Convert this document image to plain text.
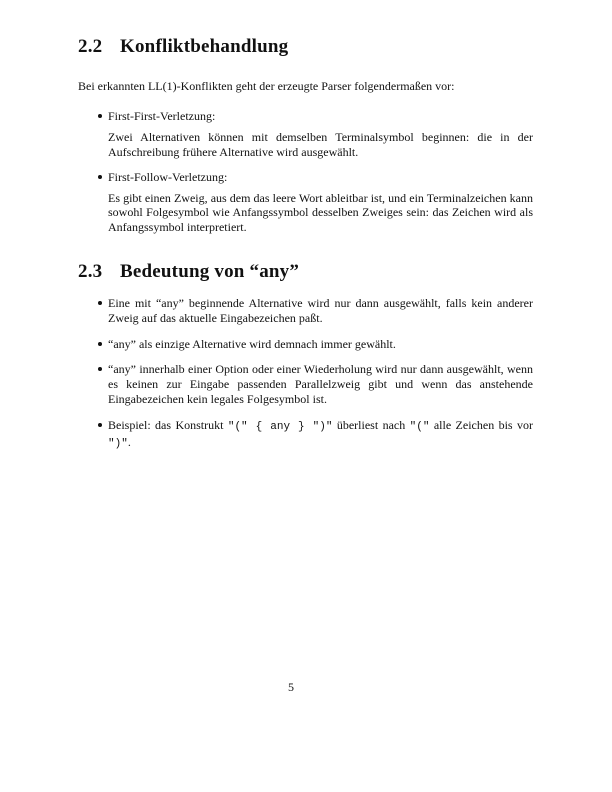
2.2 Konfliktbehandlung

Bei erkannten LL(1)-Konflikten geht der erzeugte Parser folgendermaßen vor:

First-First-Verletzung:

Zwei Alternativen können mit demselben Terminalsymbol beginnen: die in der Aufschreibung frühere Alternative wird ausgewählt.

First-Follow-Verletzung:

Es gibt einen Zweig, aus dem das leere Wort ableitbar ist, und ein Terminalzeichen kann sowohl Folgesymbol wie Anfangssymbol desselben Zweiges sein: das Zeichen wird als Anfangssymbol interpretiert.

2.3 Bedeutung von “any”

Eine mit “any” beginnende Alternative wird nur dann ausgewählt, falls kein anderer Zweig auf das aktuelle Eingabezeichen paßt.

“any” als einzige Alternative wird demnach immer gewählt.

“any” innerhalb einer Option oder einer Wiederholung wird nur dann ausgewählt, wenn es keinen zur Eingabe passenden Parallelzweig gibt und wenn das anstehende Eingabezeichen kein legales Folgesymbol ist.

Beispiel: das Konstrukt "(" { any } ")" überliest nach "(" alle Zeichen bis vor ")".

5
